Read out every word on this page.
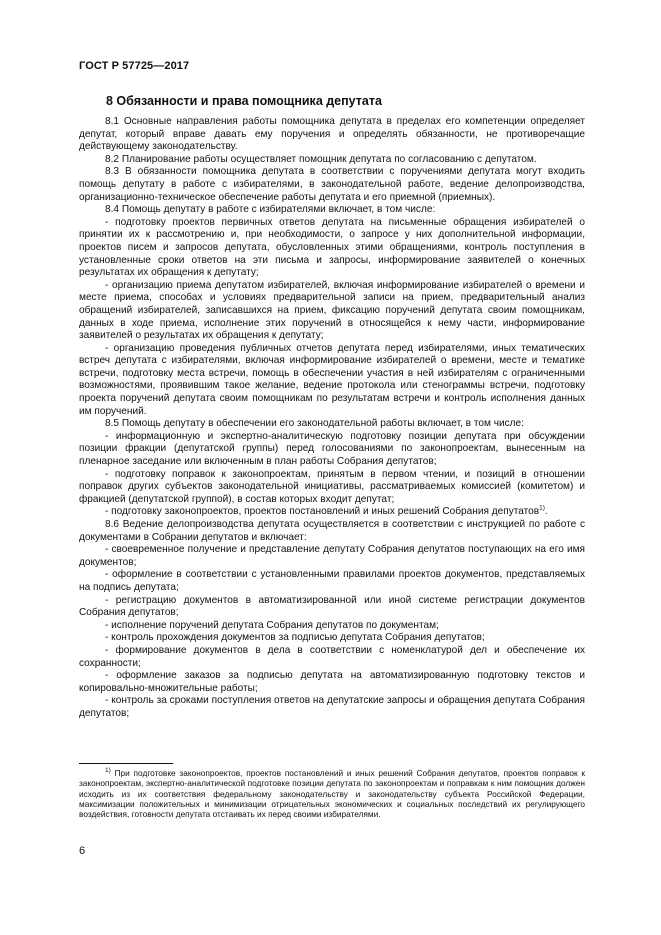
ГОСТ Р 57725—2017
8 Обязанности и права помощника депутата

8.1 Основные направления работы помощника депутата в пределах его компетенции определяет депутат, который вправе давать ему поручения и определять обязанности, не противоречащие действующему законодательству.

8.2 Планирование работы осуществляет помощник депутата по согласованию с депутатом.

8.3 В обязанности помощника депутата в соответствии с поручениями депутата могут входить помощь депутату в работе с избирателями, в законодательной работе, ведение делопроизводства, организационно-техническое обеспечение работы депутата и его приемной (приемных).

8.4 Помощь депутату в работе с избирателями включает, в том числе:

- подготовку проектов первичных ответов депутата на письменные обращения избирателей о принятии их к рассмотрению и, при необходимости, о запросе у них дополнительной информации, проектов писем и запросов депутата, обусловленных этими обращениями, контроль поступления в установленные сроки ответов на эти письма и запросы, информирование заявителей о конечных результатах их обращения к депутату;

- организацию приема депутатом избирателей, включая информирование избирателей о времени и месте приема, способах и условиях предварительной записи на прием, предварительный анализ обращений избирателей, записавшихся на прием, фиксацию поручений депутата своим помощникам, данных в ходе приема, исполнение этих поручений в относящейся к нему части, информирование заявителей о результатах их обращения к депутату;

- организацию проведения публичных отчетов депутата перед избирателями, иных тематических встреч депутата с избирателями, включая информирование избирателей о времени, месте и тематике встречи, подготовку места встречи, помощь в обеспечении участия в ней избирателям с ограниченными возможностями, проявившим такое желание, ведение протокола или стенограммы встречи, подготовку проекта поручений депутата своим помощникам по результатам встречи и контроль исполнения данных им поручений.

8.5 Помощь депутату в обеспечении его законодательной работы включает, в том числе:

- информационную и экспертно-аналитическую подготовку позиции депутата при обсуждении позиции фракции (депутатской группы) перед голосованиями по законопроектам, вынесенным на пленарное заседание или включенным в план работы Собрания депутатов;

- подготовку поправок к законопроектам, принятым в первом чтении, и позиций в отношении поправок других субъектов законодательной инициативы, рассматриваемых комиссией (комитетом) и фракцией (депутатской группой), в состав которых входит депутат;

- подготовку законопроектов, проектов постановлений и иных решений Собрания депутатов$^{1)}$.

8.6 Ведение делопроизводства депутата осуществляется в соответствии с инструкцией по работе с документами в Собрании депутатов и включает:

- своевременное получение и представление депутату Собрания депутатов поступающих на его имя документов;

- оформление в соответствии с установленными правилами проектов документов, представляемых на подпись депутата;

- регистрацию документов в автоматизированной или иной системе регистрации документов Собрания депутатов;

- исполнение поручений депутата Собрания депутатов по документам;

- контроль прохождения документов за подписью депутата Собрания депутатов;

- формирование документов в дела в соответствии с номенклатурой дел и обеспечение их сохранности;

- оформление заказов за подписью депутата на автоматизированную подготовку текстов и копировально-множительные работы;

- контроль за сроками поступления ответов на депутатские запросы и обращения депутата Собрания депутатов;

$^{1)}$ При подготовке законопроектов, проектов постановлений и иных решений Собрания депутатов, проектов поправок к законопроектам, экспертно-аналитической подготовке позиции депутата по законопроектам и поправкам к ним помощник должен исходить из их соответствия федеральному законодательству и законодательству субъекта Российской Федерации, максимизации положительных и минимизации отрицательных экономических и социальных последствий их регулирующего воздействия, готовности депутата отстаивать их перед своими избирателями.
6
